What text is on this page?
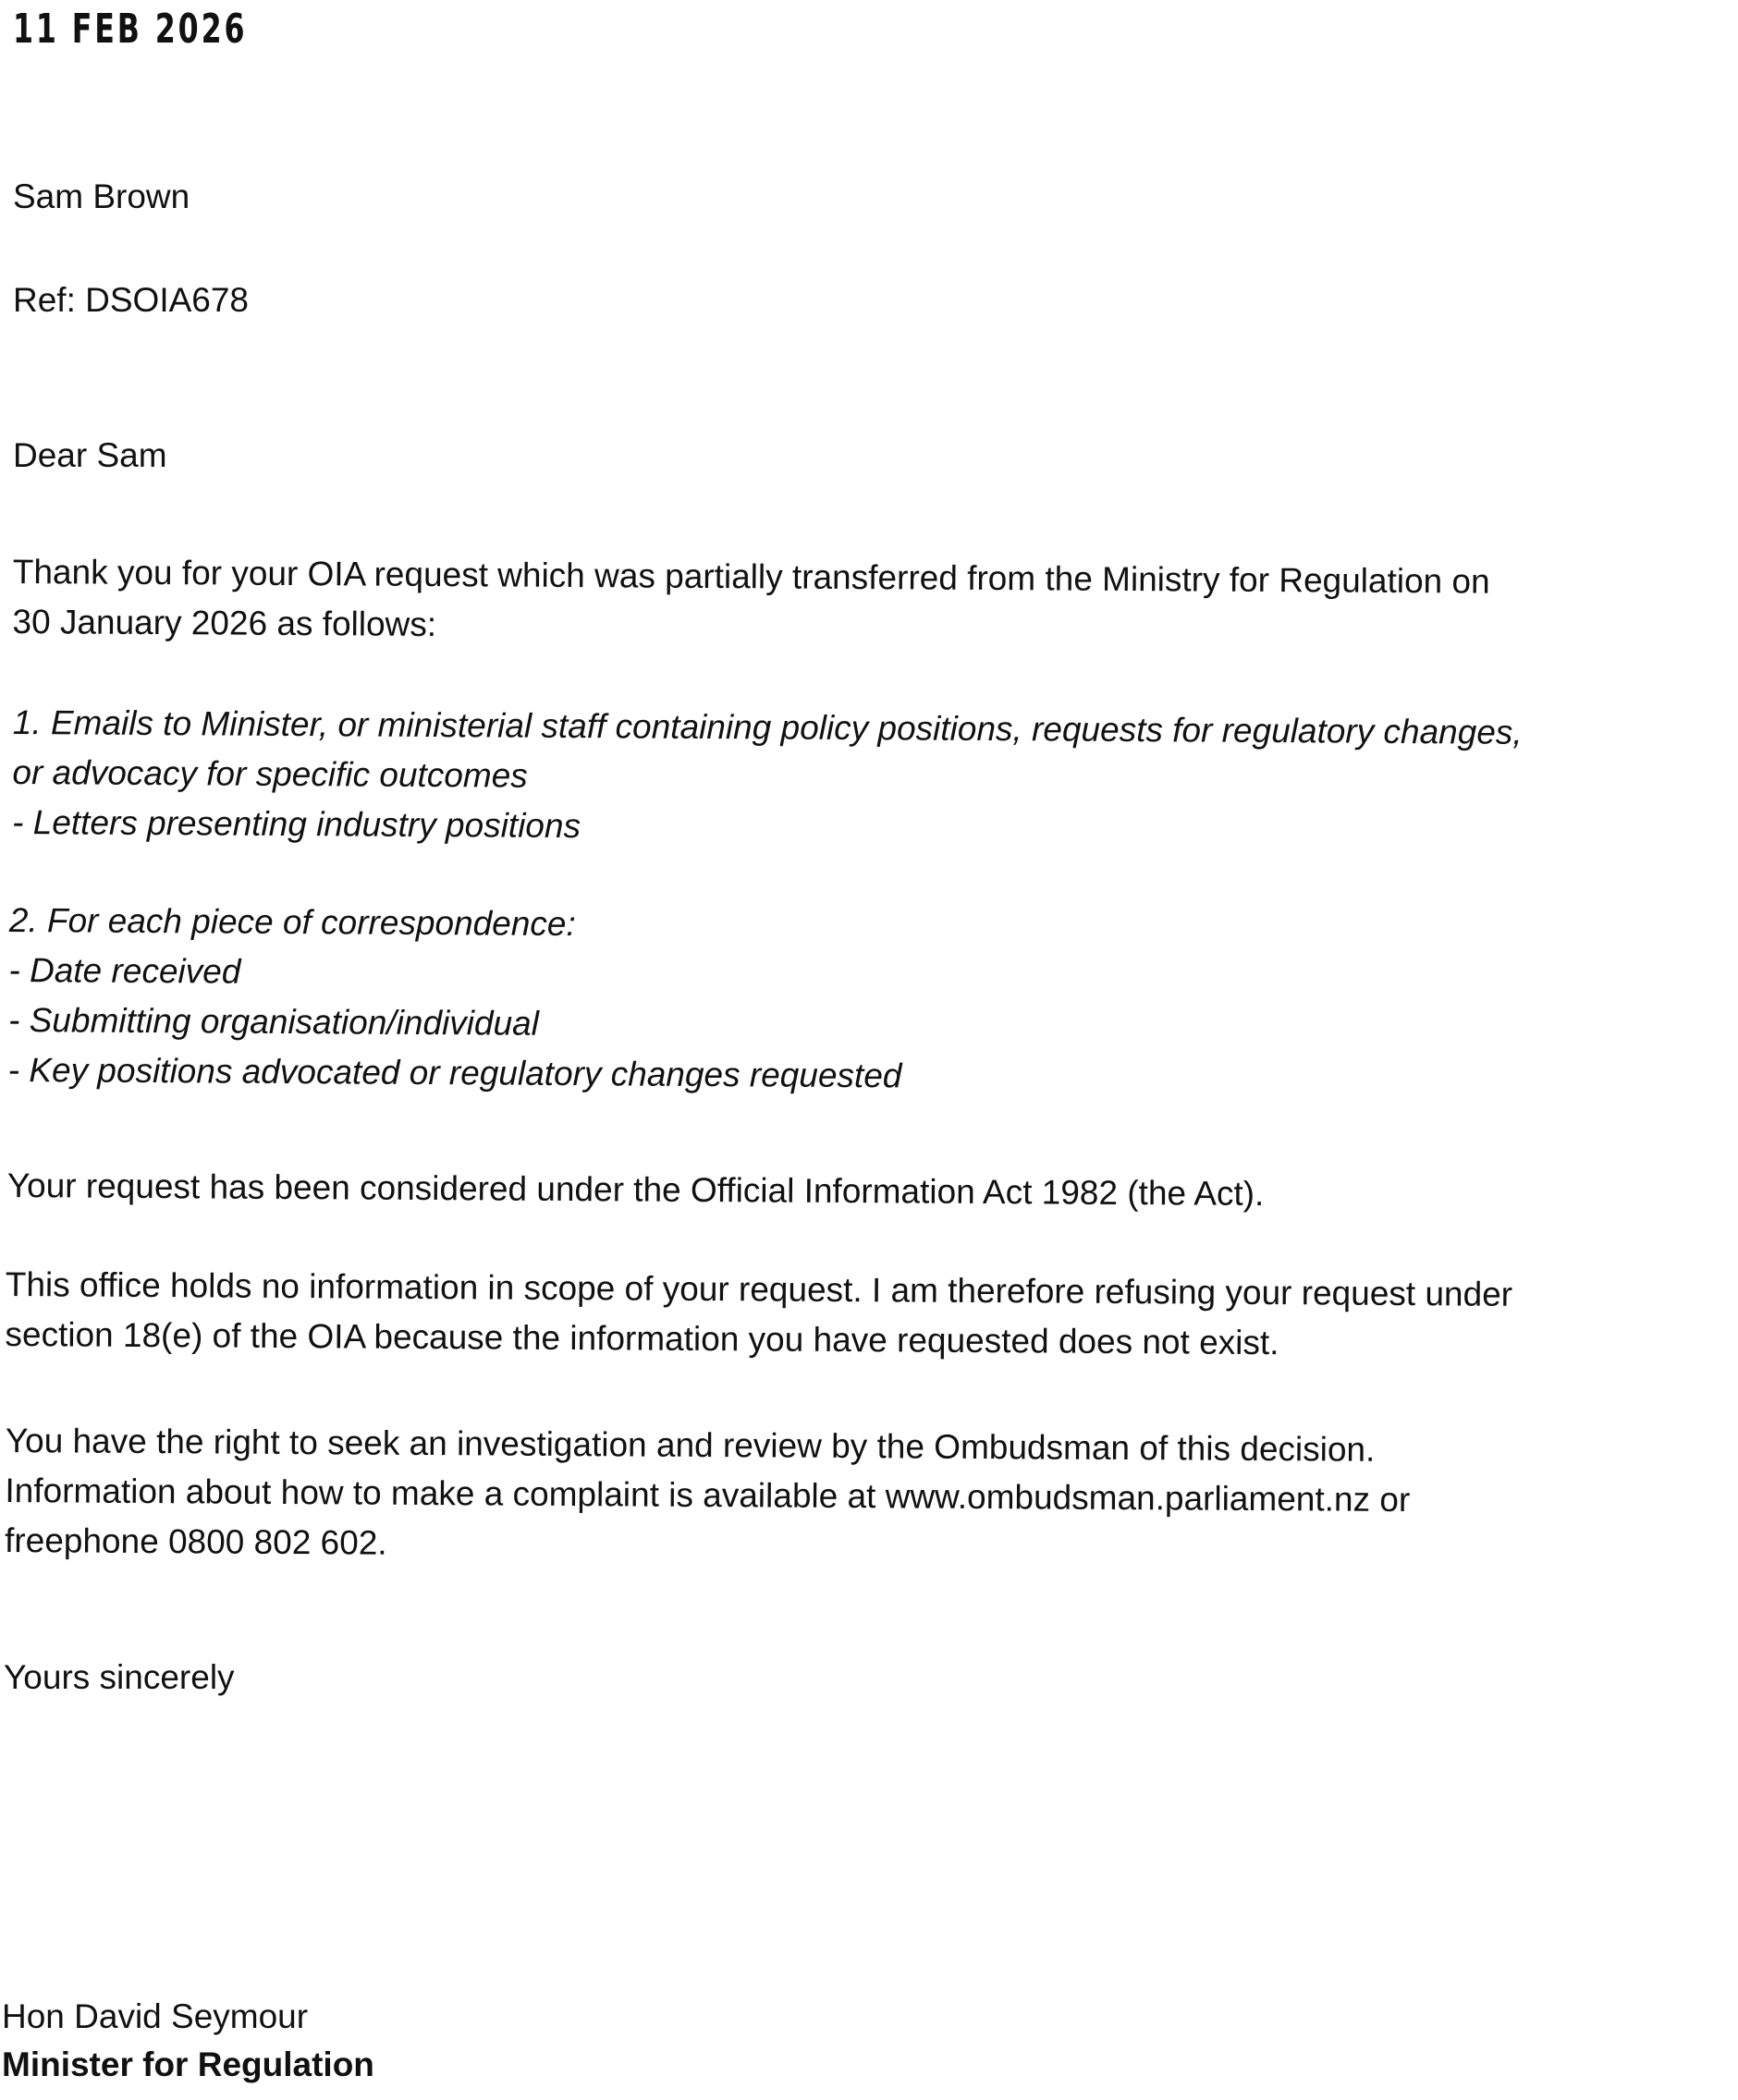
11 FEB 2026

Sam Brown

Ref: DSOIA678

Dear Sam

Thank you for your OIA request which was partially transferred from the Ministry for Regulation on
30 January 2026 as follows:
1. Emails to Minister, or ministerial staff containing policy positions, requests for regulatory changes,
or advocacy for specific outcomes
- Letters presenting industry positions
2. For each piece of correspondence:
- Date received
- Submitting organisation/individual
- Key positions advocated or regulatory changes requested

Your request has been considered under the Official Information Act 1982 (the Act).

This office holds no information in scope of your request. I am therefore refusing your request under
section 18(e) of the OIA because the information you have requested does not exist.
You have the right to seek an investigation and review by the Ombudsman of this decision.
Information about how to make a complaint is available at www.ombudsman.parliament.nz or
freephone 0800 802 602.

Yours sincerely

Hon David Seymour
Minister for Regulation
